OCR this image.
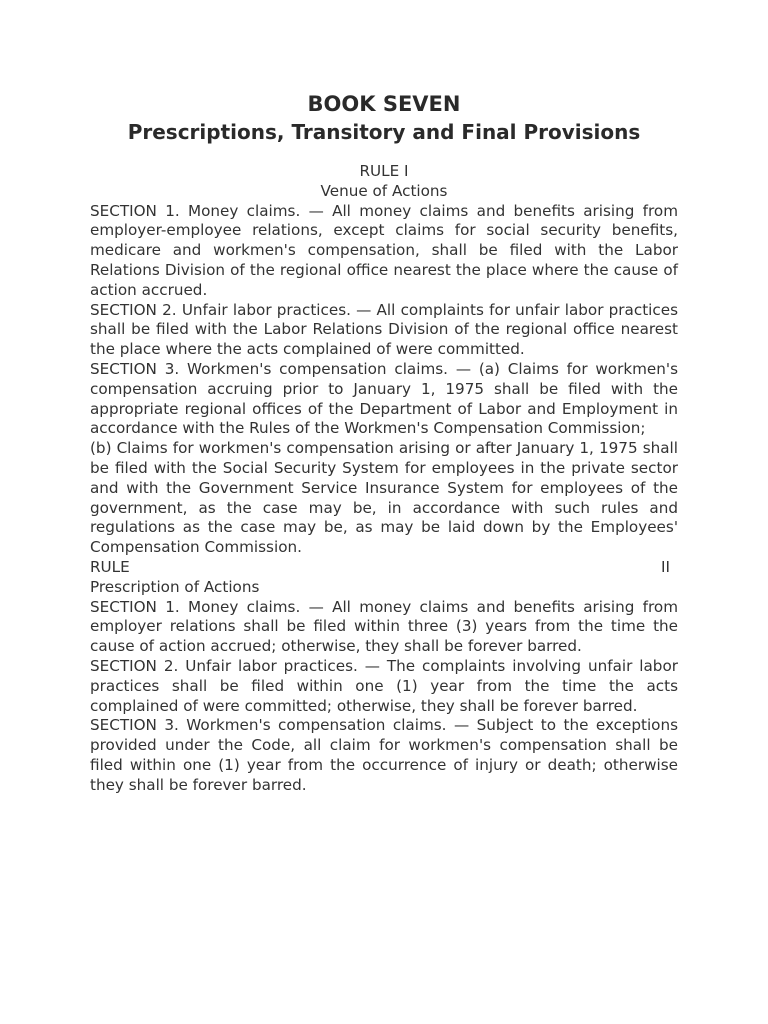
BOOK SEVEN
Prescriptions, Transitory and Final Provisions
RULE I
Venue of Actions

SECTION 1. Money claims. — All money claims and benefits arising from employer-employee relations, except claims for social security benefits, medicare and workmen's compensation, shall be filed with the Labor Relations Division of the regional office nearest the place where the cause of action accrued.

SECTION 2. Unfair labor practices. — All complaints for unfair labor practices shall be filed with the Labor Relations Division of the regional office nearest the place where the acts complained of were committed.

SECTION 3. Workmen's compensation claims. — (a) Claims for workmen's compensation accruing prior to January 1, 1975 shall be filed with the appropriate regional offices of the Department of Labor and Employment in accordance with the Rules of the Workmen's Compensation Commission;

(b) Claims for workmen's compensation arising or after January 1, 1975 shall be filed with the Social Security System for employees in the private sector and with the Government Service Insurance System for employees of the government, as the case may be, in accordance with such rules and regulations as the case may be, as may be laid down by the Employees' Compensation Commission.

RULE	II
Prescription of Actions

SECTION 1. Money claims. — All money claims and benefits arising from employer relations shall be filed within three (3) years from the time the cause of action accrued; otherwise, they shall be forever barred.

SECTION 2. Unfair labor practices. — The complaints involving unfair labor practices shall be filed within one (1) year from the time the acts complained of were committed; otherwise, they shall be forever barred.

SECTION 3. Workmen's compensation claims. — Subject to the exceptions provided under the Code, all claim for workmen's compensation shall be filed within one (1) year from the occurrence of injury or death; otherwise they shall be forever barred.
